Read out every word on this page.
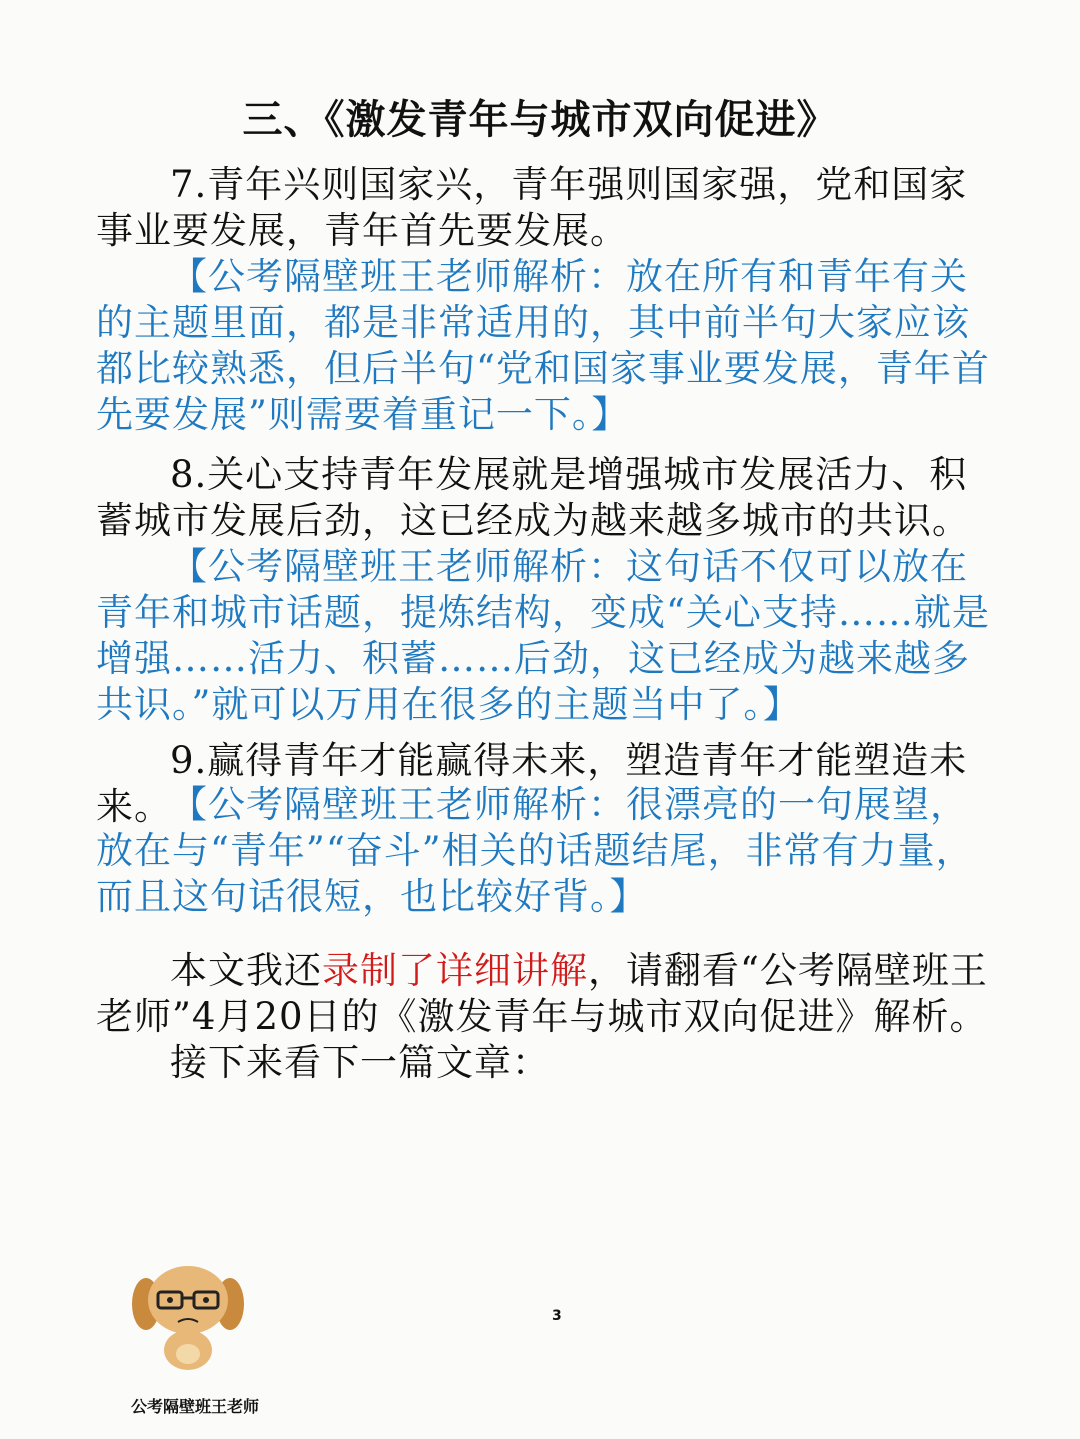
三、《激发青年与城市双向促进》
7.青年兴则国家兴，青年强则国家强，党和国家事业要发展，青年首先要发展。
【公考隔壁班王老师解析：放在所有和青年有关的主题里面，都是非常适用的，其中前半句大家应该都比较熟悉，但后半句“党和国家事业要发展，青年首先要发展”则需要着重记一下。】
8.关心支持青年发展就是增强城市发展活力、积蓄城市发展后劲，这已经成为越来越多城市的共识。
【公考隔壁班王老师解析：这句话不仅可以放在青年和城市话题，提炼结构，变成“关心支持……就是增强……活力、积蓄……后劲，这已经成为越来越多共识。”就可以万用在很多的主题当中了。】
9.赢得青年才能赢得未来，塑造青年才能塑造未来。
【公考隔壁班王老师解析：很漂亮的一句展望，放在与“青年”“奋斗”相关的话题结尾，非常有力量，而且这句话很短，也比较好背。】
本文我还录制了详细讲解，请翻看“公考隔壁班王老师”4月20日的《激发青年与城市双向促进》解析。
接下来看下一篇文章：
公考隔壁班王老师
3
